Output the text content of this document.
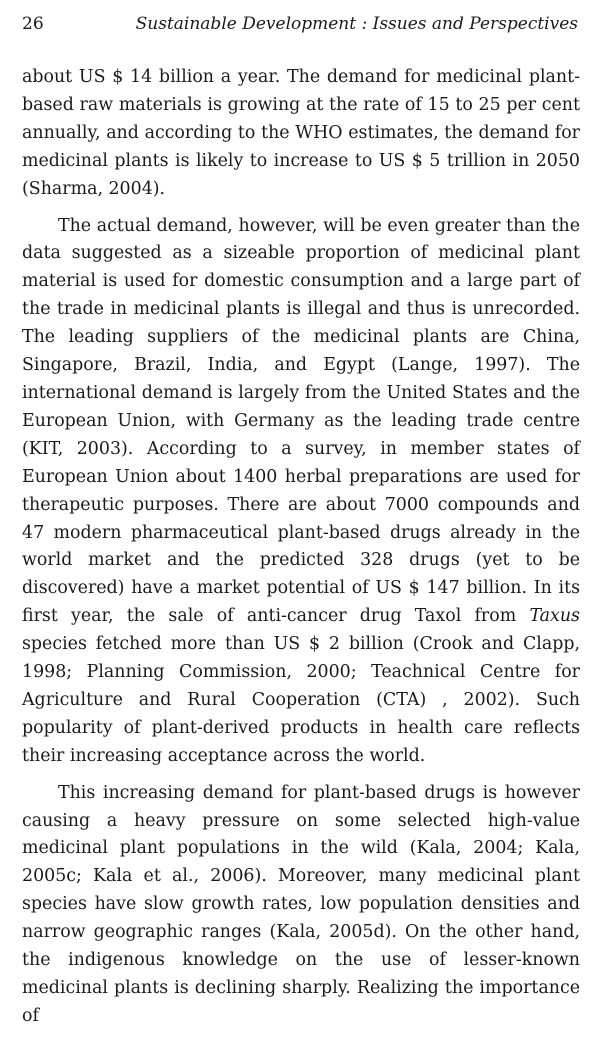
26	Sustainable Development : Issues and Perspectives

about US $ 14 billion a year. The demand for medicinal plant-based raw materials is growing at the rate of 15 to 25 per cent annually, and according to the WHO estimates, the demand for medicinal plants is likely to increase to US $ 5 trillion in 2050 (Sharma, 2004).

The actual demand, however, will be even greater than the data suggested as a sizeable proportion of medicinal plant material is used for domestic consumption and a large part of the trade in medicinal plants is illegal and thus is unrecorded. The leading suppliers of the medicinal plants are China, Singapore, Brazil, India, and Egypt (Lange, 1997). The international demand is largely from the United States and the European Union, with Germany as the leading trade centre (KIT, 2003). According to a survey, in member states of European Union about 1400 herbal preparations are used for therapeutic purposes. There are about 7000 compounds and 47 modern pharmaceutical plant-based drugs already in the world market and the predicted 328 drugs (yet to be discovered) have a market potential of US $ 147 billion. In its first year, the sale of anti-cancer drug Taxol from Taxus species fetched more than US $ 2 billion (Crook and Clapp, 1998; Planning Commission, 2000; Teachnical Centre for Agriculture and Rural Cooperation (CTA) , 2002). Such popularity of plant-derived products in health care reflects their increasing acceptance across the world.

This increasing demand for plant-based drugs is however causing a heavy pressure on some selected high-value medicinal plant populations in the wild (Kala, 2004; Kala, 2005c; Kala et al., 2006). Moreover, many medicinal plant species have slow growth rates, low population densities and narrow geographic ranges (Kala, 2005d). On the other hand, the indigenous knowledge on the use of lesser-known medicinal plants is declining sharply. Realizing the importance of
